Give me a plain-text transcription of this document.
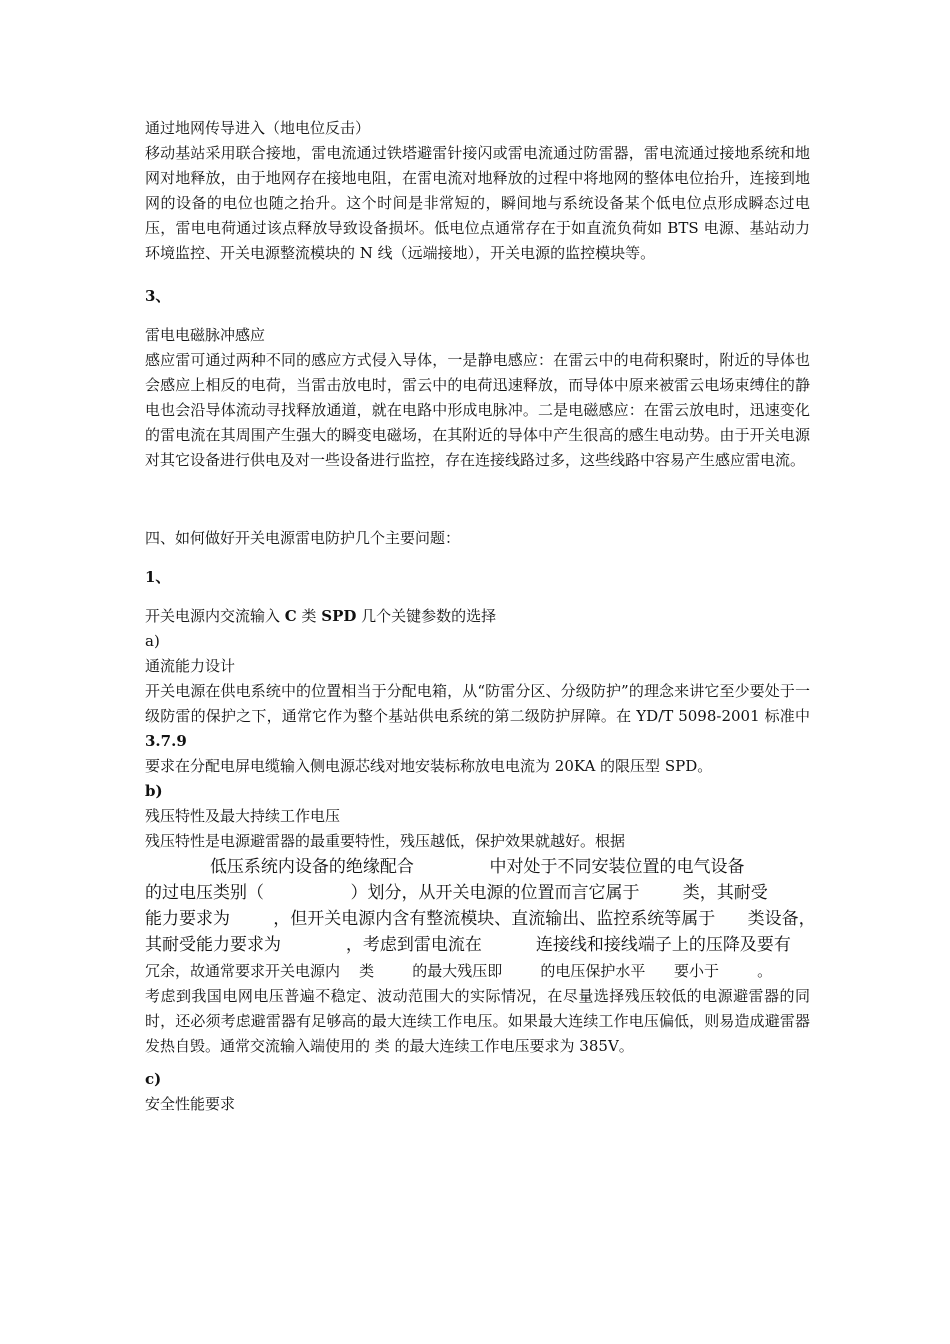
通过地网传导进入（地电位反击）
移动基站采用联合接地，雷电流通过铁塔避雷针接闪或雷电流通过防雷器，雷电流通过接地系统和地网对地释放，由于地网存在接地电阻，在雷电流对地释放的过程中将地网的整体电位抬升，连接到地网的设备的电位也随之抬升。这个时间是非常短的，瞬间地与系统设备某个低电位点形成瞬态过电压，雷电电荷通过该点释放导致设备损坏。低电位点通常存在于如直流负荷如 BTS 电源、基站动力环境监控、开关电源整流模块的 N 线（远端接地），开关电源的监控模块等。
3、
雷电电磁脉冲感应
感应雷可通过两种不同的感应方式侵入导体，一是静电感应：在雷云中的电荷积聚时，附近的导体也会感应上相反的电荷，当雷击放电时，雷云中的电荷迅速释放，而导体中原来被雷云电场束缚住的静电也会沿导体流动寻找释放通道，就在电路中形成电脉冲。二是电磁感应：在雷云放电时，迅速变化的雷电流在其周围产生强大的瞬变电磁场，在其附近的导体中产生很高的感生电动势。由于开关电源对其它设备进行供电及对一些设备进行监控，存在连接线路过多，这些线路中容易产生感应雷电流。

四、如何做好开关电源雷电防护几个主要问题：
1、
开关电源内交流输入 C 类 SPD 几个关键参数的选择
a)
通流能力设计
开关电源在供电系统中的位置相当于分配电箱，从“防雷分区、分级防护”的理念来讲它至少要处于一级防雷的保护之下，通常它作为整个基站供电系统的第二级防护屏障。在 YD/T 5098-2001 标准中 3.7.9
要求在分配电屏电缆输入侧电源芯线对地安装标称放电电流为 20KA 的限压型 SPD。
b)
残压特性及最大持续工作电压
残压特性是电源避雷器的最重要特性，残压越低，保护效果就越好。根据
低压系统内设备的绝缘配合              中对处于不同安装位置的电气设备
的过电压类别（                ）划分，从开关电源的位置而言它属于        类，其耐受
能力要求为        ，但开关电源内含有整流模块、直流输出、监控系统等属于      类设备，
其耐受能力要求为            ，考虑到雷电流在          连接线和接线端子上的压降及要有
冗余，故通常要求开关电源内    类        的最大残压即        的电压保护水平      要小于        。
考虑到我国电网电压普遍不稳定、波动范围大的实际情况，在尽量选择残压较低的电源避雷器的同时，还必须考虑避雷器有足够高的最大连续工作电压。如果最大连续工作电压偏低，则易造成避雷器发热自毁。通常交流输入端使用的 类 的最大连续工作电压要求为 385V。
c)
安全性能要求
